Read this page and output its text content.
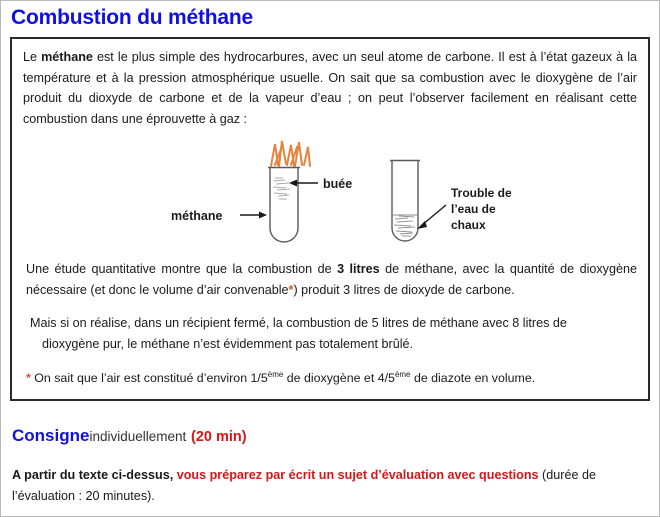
Combustion du méthane

Le méthane est le plus simple des hydrocarbures, avec un seul atome de carbone. Il est à l’état gazeux à la température et à la pression atmosphérique usuelle. On sait que sa combustion avec le dioxygène de l’air produit du dioxyde de carbone et de la vapeur d’eau ; on peut l’observer facilement en réalisant cette combustion dans une éprouvette à gaz :

buée
méthane
Trouble de
l’eau de
chaux

Une étude quantitative montre que la combustion de 3 litres de méthane, avec la quantité de dioxygène nécessaire (et donc le volume d’air convenable*) produit 3 litres de dioxyde de carbone.

Mais si on réalise, dans un récipient fermé, la combustion de 5 litres de méthane avec 8 litres de
dioxygène pur, le méthane n’est évidemment pas totalement brûlé.

* On sait que l’air est constitué d’environ 1/5ème de dioxygène et 4/5ème de diazote en volume.

Consigneindividuellement (20 min)
A partir du texte ci-dessus, vous préparez par écrit un sujet d’évaluation avec questions (durée de l’évaluation : 20 minutes).
